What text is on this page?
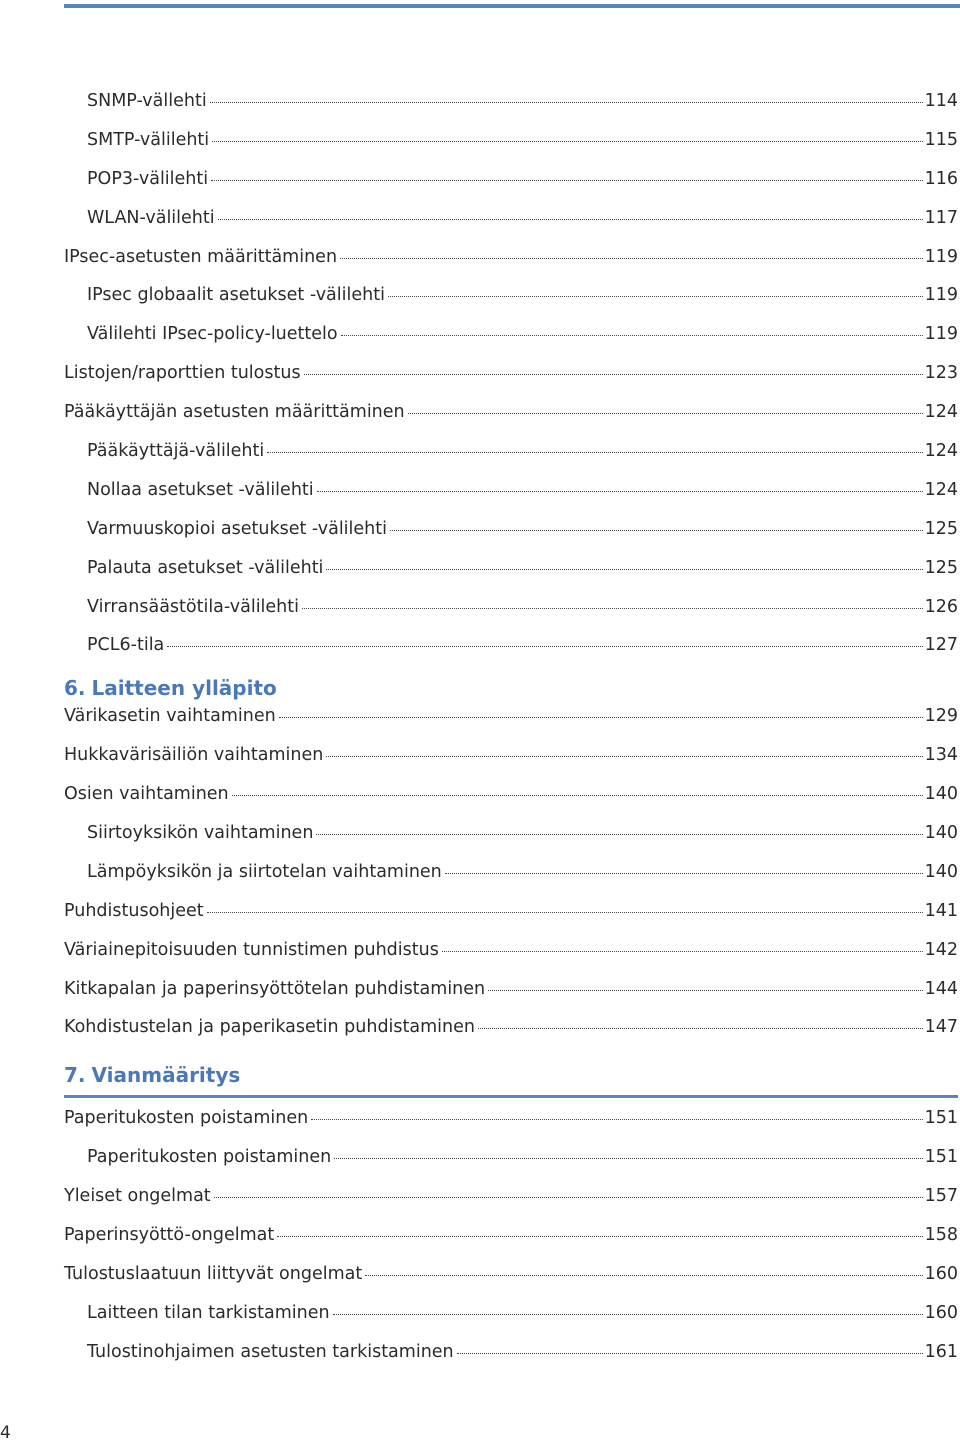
SNMP-vällehti	114
SMTP-välilehti	115
POP3-välilehti	116
WLAN-välilehti	117
IPsec-asetusten määrittäminen	119
IPsec globaalit asetukset -välilehti	119
Välilehti IPsec-policy-luettelo	119
Listojen/raporttien tulostus	123
Pääkäyttäjän asetusten määrittäminen	124
Pääkäyttäjä-välilehti	124
Nollaa asetukset -välilehti	124
Varmuuskopioi asetukset -välilehti	125
Palauta asetukset -välilehti	125
Virransäästötila-välilehti	126
PCL6-tila	127
6. Laitteen ylläpito
Värikasetin vaihtaminen	129
Hukkavärisäiliön vaihtaminen	134
Osien vaihtaminen	140
Siirtoyksikön vaihtaminen	140
Lämpöyksikön ja siirtotelan vaihtaminen	140
Puhdistusohjeet	141
Väriainepitoisuuden tunnistimen puhdistus	142
Kitkapalan ja paperinsyöttötelan puhdistaminen	144
Kohdistustelan ja paperikasetin puhdistaminen	147
7. Vianmääritys
Paperitukosten poistaminen	151
Paperitukosten poistaminen	151
Yleiset ongelmat	157
Paperinsyöttö-ongelmat	158
Tulostuslaatuun liittyvät ongelmat	160
Laitteen tilan tarkistaminen	160
Tulostinohjaimen asetusten tarkistaminen	161
4
